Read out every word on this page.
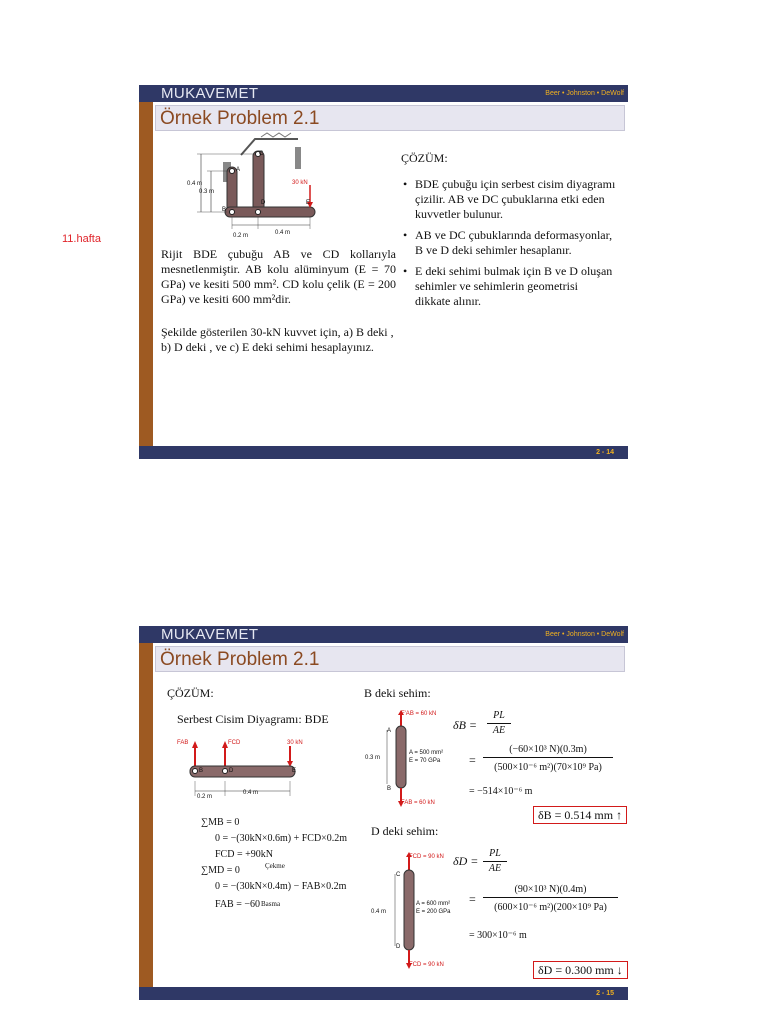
11.hafta
MUKAVEMET	Beer • Johnston • DeWolf
Örnek Problem 2.1
C
A
B
D	E
0.4 m
0.3 m
0.2 m	0.4 m
30 kN
Rijit BDE çubuğu AB ve CD kollarıyla mesnetlenmiştir. AB kolu alüminyum (E = 70 GPa) ve kesiti 500 mm². CD kolu çelik (E = 200 GPa) ve kesiti 600 mm²dir.
Şekilde gösterilen 30-kN kuvvet için, a) B deki , b) D deki , ve c) E deki sehimi hesaplayınız.
ÇÖZÜM:
• BDE çubuğu için serbest cisim diyagramı çizilir. AB ve DC çubuklarına etki eden kuvvetler bulunur.
• AB ve DC çubuklarında deformasyonlar, B ve D deki sehimler hesaplanır.
• E deki sehimi bulmak için B ve D oluşan sehimler ve sehimlerin geometrisi dikkate alınır.
2 - 14
MUKAVEMET	Beer • Johnston • DeWolf
Örnek Problem 2.1
ÇÖZÜM:
Serbest Cisim Diyagramı: BDE
FAB	FCD	30 kN
B	D	E
0.2 m
0.4 m
∑MB = 0
0 = −(30kN×0.6m) + FCD×0.2m
FCD = +90kN
∑MD = 0	Çekme
0 = −(30kN×0.4m) − FAB×0.2m
FAB = −60 Basma
B deki sehim:
F'AB = 60 kN
FAB = 60 kN
A
B
0.3 m
A = 500 mm²
E = 70 GPa
δB =
PL
AE
=
(−60×10³ N)(0.3m)
(500×10⁻⁶ m²)(70×10⁹ Pa)
= −514×10⁻⁶ m
δB = 0.514 mm ↑
D deki sehim:
FCD = 90 kN
FCD = 90 kN
C
D
0.4 m
A = 600 mm²
E = 200 GPa
δD =
PL
AE
=
(90×10³ N)(0.4m)
(600×10⁻⁶ m²)(200×10⁹ Pa)
= 300×10⁻⁶ m
δD = 0.300 mm ↓
2 - 15
